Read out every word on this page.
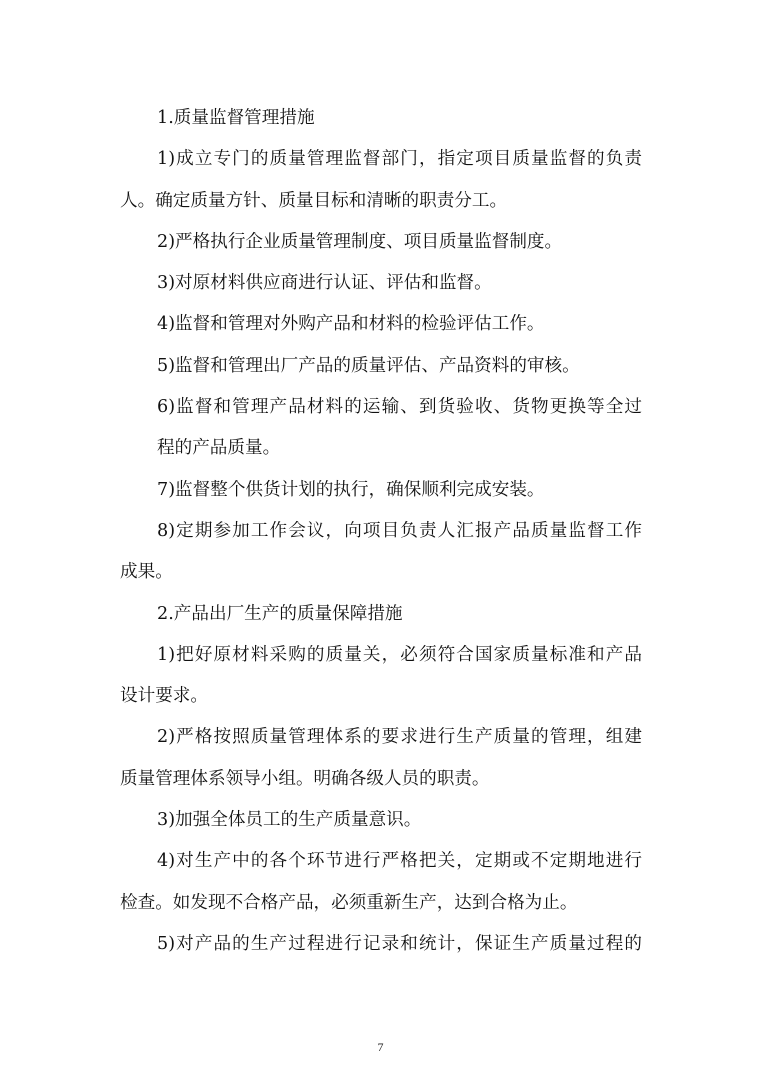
1.质量监督管理措施
1)成立专门的质量管理监督部门，指定项目质量监督的负责
人。确定质量方针、质量目标和清晰的职责分工。
2)严格执行企业质量管理制度、项目质量监督制度。
3)对原材料供应商进行认证、评估和监督。
4)监督和管理对外购产品和材料的检验评估工作。
5)监督和管理出厂产品的质量评估、产品资料的审核。
6)监督和管理产品材料的运输、到货验收、货物更换等全过
程的产品质量。
7)监督整个供货计划的执行，确保顺利完成安装。
8)定期参加工作会议，向项目负责人汇报产品质量监督工作
成果。
2.产品出厂生产的质量保障措施
1)把好原材料采购的质量关，必须符合国家质量标准和产品
设计要求。
2)严格按照质量管理体系的要求进行生产质量的管理，组建
质量管理体系领导小组。明确各级人员的职责。
3)加强全体员工的生产质量意识。
4)对生产中的各个环节进行严格把关，定期或不定期地进行
检查。如发现不合格产品，必须重新生产，达到合格为止。
5)对产品的生产过程进行记录和统计，保证生产质量过程的
7
